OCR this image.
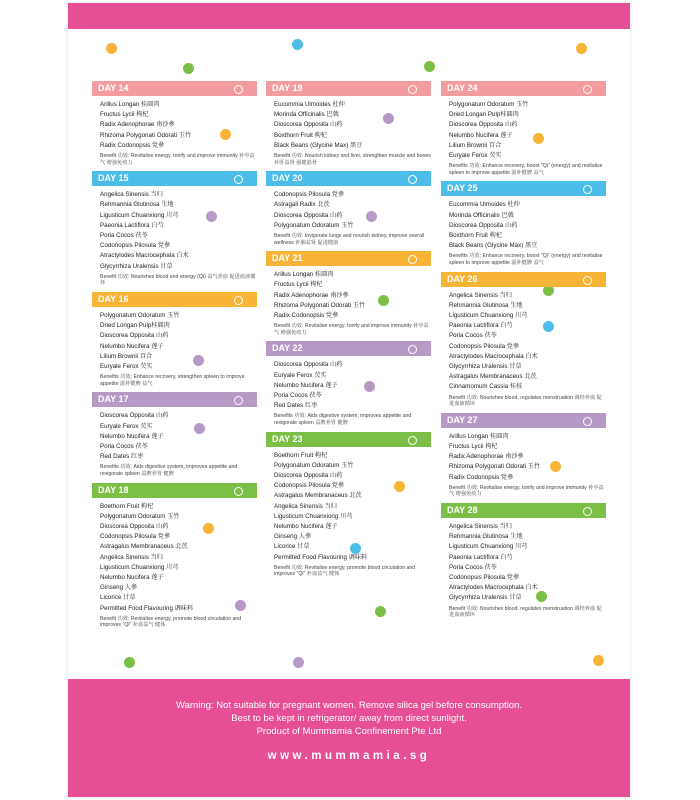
DAY 14
Arillus Longan 桂圓肉
Fructus Lycii 枸杞
Radix Adenophorae 南沙參
Rhizoma Polygonati Odorati 玉竹
Radix Codonopsis 党參
Benefit 功效: Revitalise energy, tonify and improve immunity 补中益气 增强免疫力
DAY 15
Angelica Sinensis 当归
Rehmannia Glutinosa 生地
Ligusticum Chuanxiong 川芎
Paeonia Lactiflora 白芍
Poria Cocos 茯苓
Codonopsis Pilosula 党參
Atractylodes Macrocephala 白术
Glycyrrhiza Uralensis 甘草
Benefit 功效: Nourishes blood and energy (Qi) 益气养血 促进血液循环
DAY 16
Polygonatum Odoratum 玉竹
Dried Longan Pulp桂圓肉
Dioscorea Opposita 山药
Nelumbo Nucifera 莲子
Lilium Brownii 百合
Euryale Ferox 芡实
Benefits 功效: Enhance recovery, strengthen spleen to improve appetite 滋补健脾 益气
DAY 17
Dioscorea Opposita 山药
Euryale Ferox 芡实
Nelumbo Nucifera 莲子
Poria Cocos 茯苓
Red Dates 红枣
Benefits 功效: Aids digestive system, improves appetite and revigorate spleen 益脾养胃 健脾
DAY 18
Boethorn Fruit 枸杞
Polygonatum Odoratum 玉竹
Dioscorea Opposita 山药
Codonopsis Pilosula 党參
Astragalus Membranaceus 北芪
Angelica Sinensis 当归
Ligusticum Chuanxiong 川芎
Nelumbo Nucifera 莲子
Ginseng 人參
Licorice 甘草
Permitted Food Flavouring 调味料
Benefit 功效: Revitalise energy, promote blood circulation and improves "Qi" 补血益气 健体
DAY 19
Eucommia Ulmoides 杜仲
Morinda Officinalis 巴戟
Dioscorea Opposita 山药
Boxthorn Fruit 枸杞
Black Beans (Glycine Max) 黑豆
Benefit 功效: Nourish kidney and liver, strengthen muscle and bones 补肝益肾 强健筋骨
DAY 20
Codonopsis Pilosula 党參
Astragali Radix 北芪
Dioscorea Opposita 山药
Polygonatum Odoratum 玉竹
Benefit 功效: Invigorate lungs and nourish kidney, improve overall wellness 补肺益肾 促进健康
DAY 21
Arillus Longan 桂圓肉
Fructus Lycii 枸杞
Radix Adenophorae 南沙參
Rhizoma Polygonati Odorati 玉竹
Radix Codonopsis 党參
Benefit 功效: Revitalise energy, tonify and improve immunity 补中益气 增强免疫力
DAY 22
Dioscorea Opposita 山药
Euryale Ferox 芡实
Nelumbo Nucifera 莲子
Poria Cocos 茯苓
Red Dates 红枣
Benefits 功效: Aids digestive system, improves appetite and revigorate spleen 益脾养胃 健脾
DAY 23
Boethorn Fruit 枸杞
Polygonatum Odoratum 玉竹
Dioscorea Opposita 山药
Codonopsis Pilosula 党參
Astragalus Membranaceus 北芪
Angelica Sinensis 当归
Ligusticum Chuanxiong 川芎
Nelumbo Nucifera 莲子
Ginseng 人參
Licorice 甘草
Permitted Food Flavouring 调味料
Benefit 功效: Revitalise energy, promote blood circulation and improves "Qi" 补血益气 健体
DAY 24
Polygonatum Odoratum 玉竹
Dried Longan Pulp桂圓肉
Dioscorea Opposita 山药
Nelumbo Nucifera 莲子
Lilium Brownii 百合
Euryale Ferox 芡实
Benefits 功效: Enhance recovery, boost "Qi" (energy) and revitalise spleen to improve appetite 滋补健脾 益气
DAY 25
Eucommia Ulmoides 杜仲
Morinda Officinalis 巴戟
Dioscorea Opposita 山药
Boxthorn Fruit 枸杞
Black Beans (Glycine Max) 黑豆
Benefits 功效: Enhance recovery, boost "Qi" (energy) and revitalise spleen to improve appetite 滋补健脾 益气
DAY 26
Angelica Sinensis 当归
Rehmannia Glutinosa 生地
Ligusticum Chuanxiong 川芎
Paeonia Lactiflora 白芍
Poria Cocos 茯苓
Codonopsis Pilosula 党參
Atractylodes Macrocephala 白术
Glycyrrhiza Uralensis 甘草
Astragalus Membranaceus 北芪
Cinnamomum Cassia 桂枝
Benefit 功效: Nourishes blood, regulates menstruation 调经养血 促进血液循环
DAY 27
Arillus Longan 桂圓肉
Fructus Lycii 枸杞
Radix Adenophorae 南沙參
Rhizoma Polygonati Odorati 玉竹
Radix Codonopsis 党參
Benefit 功效: Revitalise energy, tonify and improve immunity 补中益气 增强免疫力
DAY 28
Angelica Sinensis 当归
Rehmannia Glutinosa 生地
Ligusticum Chuanxiong 川芎
Paeonia Lactiflora 白芍
Poria Cocos 茯苓
Codonopsis Pilosula 党參
Atractylodes Macrocephala 白术
Glycyrrhiza Uralensis 甘草
Benefit 功效: Nourishes blood, regulates menstruation 调经养血 促进血液循环
Warning: Not suitable for pregnant women. Remove silica gel before consumption.
Best to be kept in refrigerator/ away from direct sunlight.
Product of Mummamia Confinement Pte Ltd
www.mummamia.sg
